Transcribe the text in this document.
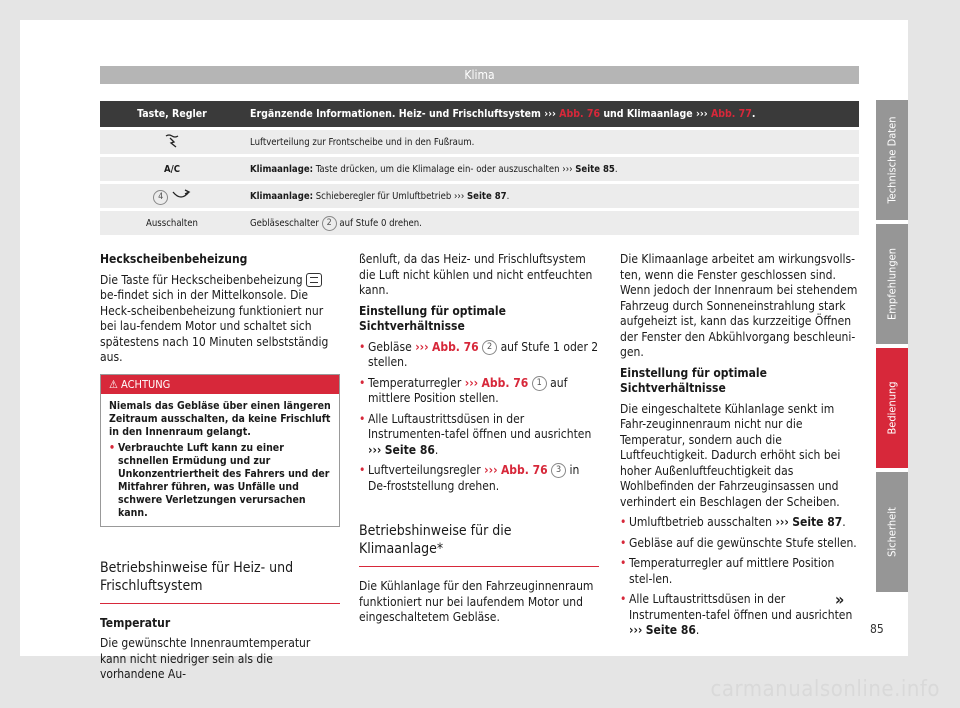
Klima
Taste, Regler	Ergänzende Informationen. Heiz- und Frischluftsystem ››› Abb. 76 und Klimaanlage ››› Abb. 77.
	Luftverteilung zur Frontscheibe und in den Fußraum.
A/C	Klimaanlage: Taste drücken, um die Klimalage ein- oder auszuschalten ››› Seite 85.
4	Klimaanlage: Schieberegler für Umluftbetrieb ››› Seite 87.
Ausschalten	Gebläseschalter 2 auf Stufe 0 drehen.

Heckscheibenbeheizung

Die Taste für Heckscheibenbeheizung  be-findet sich in der Mittelkonsole. Die Heck-scheibenbeheizung funktioniert nur bei lau-fendem Motor und schaltet sich spätestens nach 10 Minuten selbstständig aus.

⚠ ACHTUNG

Niemals das Gebläse über einen längeren Zeitraum ausschalten, da keine Frischluft in den Innenraum gelangt.

• Verbrauchte Luft kann zu einer schnellen Ermüdung und zur Unkonzentriertheit des Fahrers und der Mitfahrer führen, was Unfälle und schwere Verletzungen verursachen kann.

Betriebshinweise für Heiz- und Frischluftsystem

Temperatur

Die gewünschte Innenraumtemperatur kann nicht niedriger sein als die vorhandene Au-

ßenluft, da das Heiz- und Frischluftsystem die Luft nicht kühlen und nicht entfeuchten kann.

Einstellung für optimale Sichtverhältnisse

• Gebläse ››› Abb. 76 2 auf Stufe 1 oder 2 stellen.

• Temperaturregler ››› Abb. 76 1 auf mittlere Position stellen.

• Alle Luftaustrittsdüsen in der Instrumenten-tafel öffnen und ausrichten ››› Seite 86.

• Luftverteilungsregler ››› Abb. 76 3 in De-froststellung drehen.

Betriebshinweise für die Klimaanlage*

Die Kühlanlage für den Fahrzeuginnenraum funktioniert nur bei laufendem Motor und eingeschaltetem Gebläse.

Die Klimaanlage arbeitet am wirkungsvolls-ten, wenn die Fenster geschlossen sind. Wenn jedoch der Innenraum bei stehendem Fahrzeug durch Sonneneinstrahlung stark aufgeheizt ist, kann das kurzzeitige Öffnen der Fenster den Abkühlvorgang beschleuni-gen.

Einstellung für optimale Sichtverhältnisse

Die eingeschaltete Kühlanlage senkt im Fahr-zeuginnenraum nicht nur die Temperatur, sondern auch die Luftfeuchtigkeit. Dadurch erhöht sich bei hoher Außenluftfeuchtigkeit das Wohlbefinden der Fahrzeuginsassen und verhindert ein Beschlagen der Scheiben.

• Umluftbetrieb ausschalten ››› Seite 87.

• Gebläse auf die gewünschte Stufe stellen.

• Temperaturregler auf mittlere Position stel-len.

• Alle Luftaustrittsdüsen in der Instrumenten-tafel öffnen und ausrichten ››› Seite 86.

»
Technische Daten
Empfehlungen
Bedienung
Sicherheit
85
carmanualsonline.info
